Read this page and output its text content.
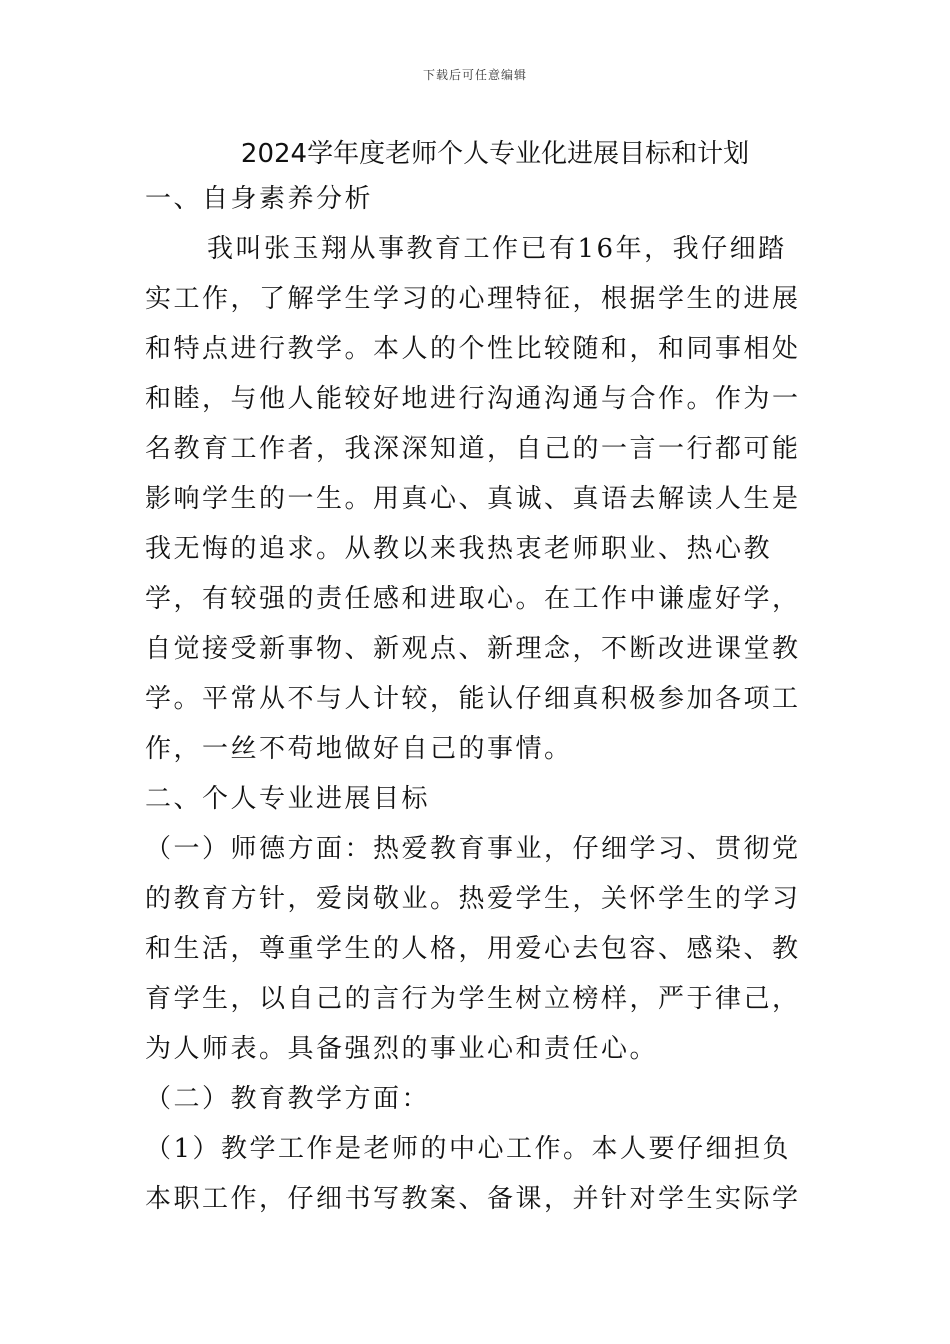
下载后可任意编辑
2024学年度老师个人专业化进展目标和计划

一、自身素养分析

我叫张玉翔从事教育工作已有16年，我仔细踏实工作，了解学生学习的心理特征，根据学生的进展和特点进行教学。本人的个性比较随和，和同事相处和睦，与他人能较好地进行沟通沟通与合作。作为一名教育工作者，我深深知道，自己的一言一行都可能影响学生的一生。用真心、真诚、真语去解读人生是我无悔的追求。从教以来我热衷老师职业、热心教学，有较强的责任感和进取心。在工作中谦虚好学，自觉接受新事物、新观点、新理念，不断改进课堂教学。平常从不与人计较，能认仔细真积极参加各项工作，一丝不苟地做好自己的事情。

二、个人专业进展目标

（一）师德方面：热爱教育事业，仔细学习、贯彻党的教育方针，爱岗敬业。热爱学生，关怀学生的学习和生活，尊重学生的人格，用爱心去包容、感染、教育学生，以自己的言行为学生树立榜样，严于律己，为人师表。具备强烈的事业心和责任心。

（二）教育教学方面：

（1）教学工作是老师的中心工作。本人要仔细担负本职工作，仔细书写教案、备课，并针对学生实际学
